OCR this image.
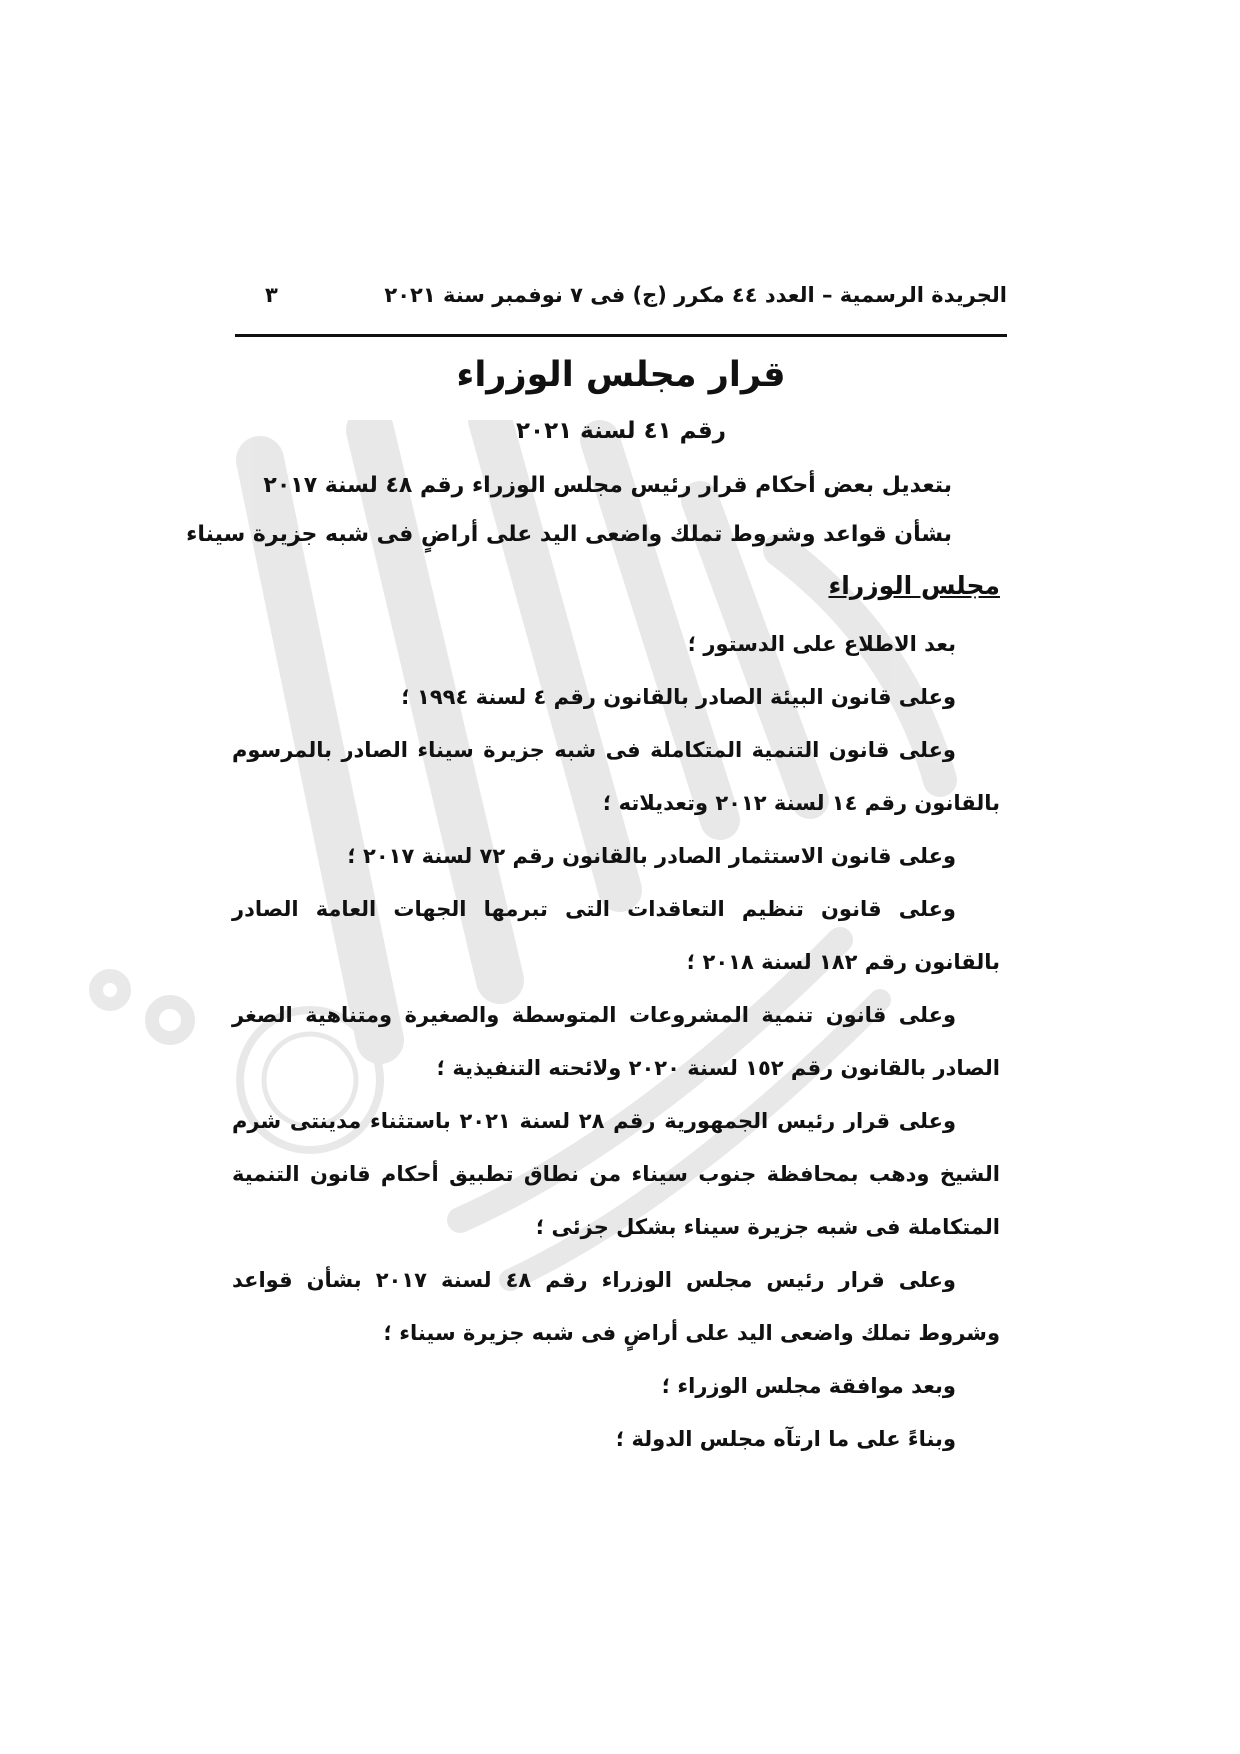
الجريدة الرسمية – العدد ٤٤ مكرر (ج) فى ٧ نوفمبر سنة ٢٠٢١
٣
قرار مجلس الوزراء
رقم ٤١ لسنة ٢٠٢١
بتعديل بعض أحكام قرار رئيس مجلس الوزراء رقم ٤٨ لسنة ٢٠١٧
بشأن قواعد وشروط تملك واضعى اليد على أراضٍ فى شبه جزيرة سيناء
مجلس الوزراء
بعد الاطلاع على الدستور ؛
وعلى قانون البيئة الصادر بالقانون رقم ٤ لسنة ١٩٩٤ ؛
وعلى قانون التنمية المتكاملة فى شبه جزيرة سيناء الصادر بالمرسوم بالقانون رقم ١٤ لسنة ٢٠١٢ وتعديلاته ؛
وعلى قانون الاستثمار الصادر بالقانون رقم ٧٢ لسنة ٢٠١٧ ؛
وعلى قانون تنظيم التعاقدات التى تبرمها الجهات العامة الصادر بالقانون رقم ١٨٢ لسنة ٢٠١٨ ؛
وعلى قانون تنمية المشروعات المتوسطة والصغيرة ومتناهية الصغر الصادر بالقانون رقم ١٥٢ لسنة ٢٠٢٠ ولائحته التنفيذية ؛
وعلى قرار رئيس الجمهورية رقم ٢٨ لسنة ٢٠٢١ باستثناء مدينتى شرم الشيخ ودهب بمحافظة جنوب سيناء من نطاق تطبيق أحكام قانون التنمية المتكاملة فى شبه جزيرة سيناء بشكل جزئى ؛
وعلى قرار رئيس مجلس الوزراء رقم ٤٨ لسنة ٢٠١٧ بشأن قواعد وشروط تملك واضعى اليد على أراضٍ فى شبه جزيرة سيناء ؛
وبعد موافقة مجلس الوزراء ؛
وبناءً على ما ارتآه مجلس الدولة ؛
